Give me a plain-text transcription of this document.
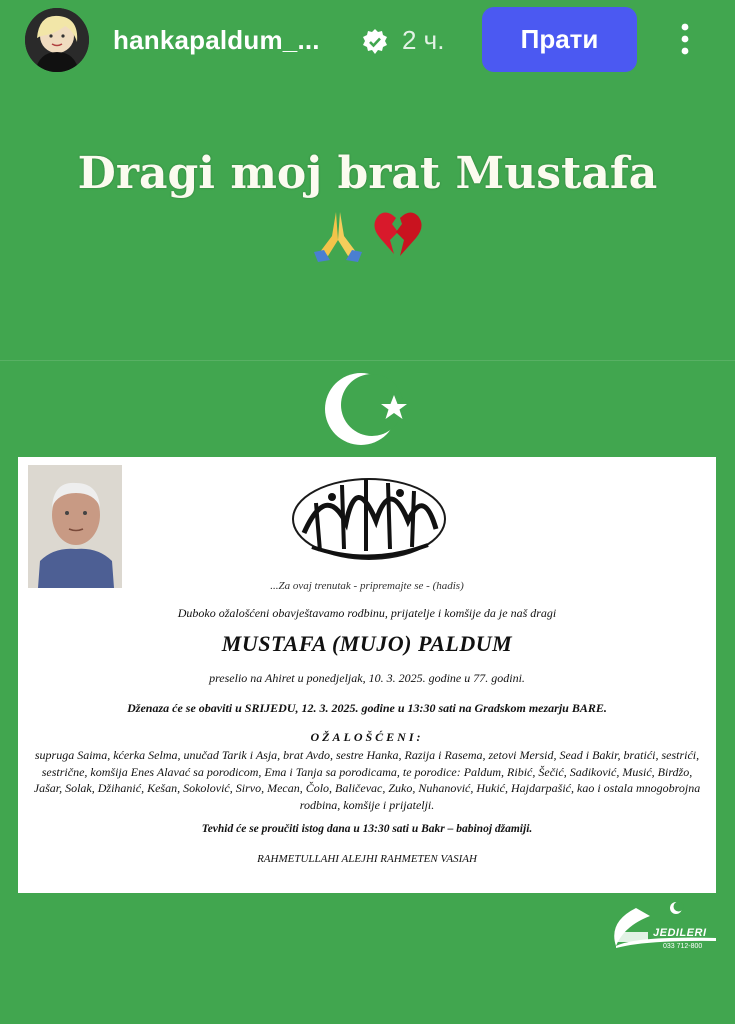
hankapaldum_...	2 ч.	Прати
Dragi moj brat Mustafa
...Za ovaj trenutak - pripremajte se - (hadis)
Duboko ožalošćeni obavještavamo rodbinu, prijatelje i komšije da je naš dragi
MUSTAFA (MUJO) PALDUM
preselio na Ahiret u ponedjeljak, 10. 3. 2025. godine u 77. godini.
Dženaza će se obaviti u SRIJEDU, 12. 3. 2025. godine u 13:30 sati na Gradskom mezarju BARE.
OŽALOŠĆENI:
supruga Saima, kćerka Selma, unučad Tarik i Asja, brat Avdo, sestre Hanka, Razija i Rasema, zetovi Mersid, Sead i Bakir, bratići, sestrići, sestrične, komšija Enes Alavać sa porodicom, Ema i Tanja sa porodicama, te porodice: Paldum, Ribić, Šečić, Sadiković, Musić, Birdžo, Jašar, Solak, Džihanić, Kešan, Sokolović, Sirvo, Mecan, Čolo, Baličevac, Zuko, Nuhanović, Hukić, Hajdarpašić, kao i ostala mnogobrojna rodbina, komšije i prijatelji.
Tevhid će se proučiti istog dana u 13:30 sati u Bakr – babinoj džamiji.
RAHMETULLAHI ALEJHI RAHMETEN VASIAH
JEDILERI
033 712-800
